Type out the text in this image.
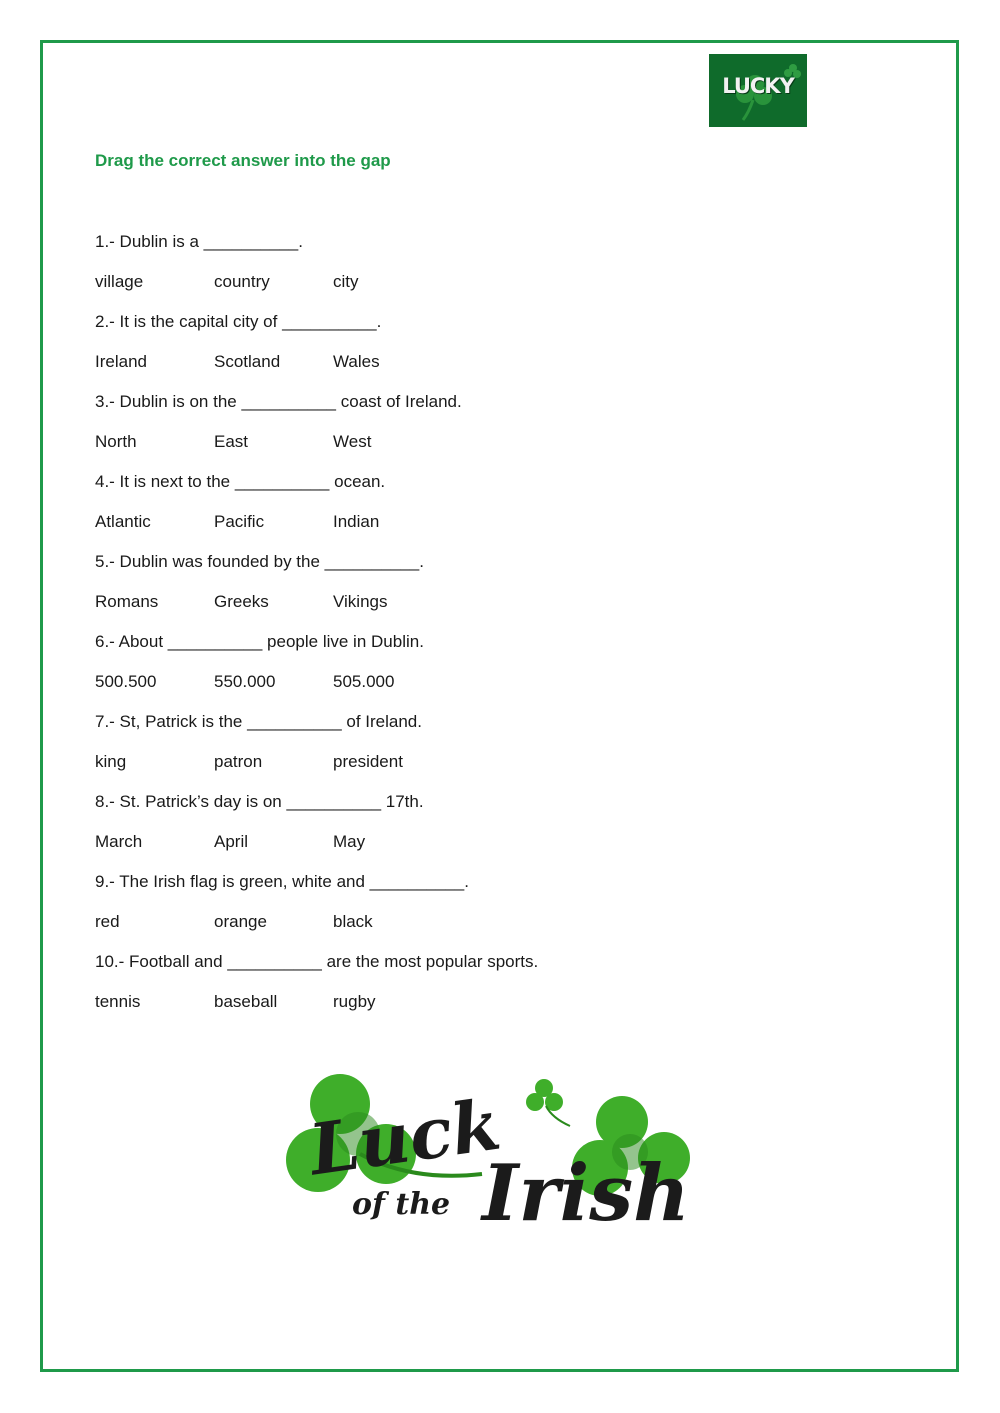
LUCKY

Drag the correct answer into the gap

1.- Dublin is a __________.
village	country	city
2.- It is the capital city of __________.
Ireland	Scotland	Wales
3.- Dublin is on the __________ coast of Ireland.
North	East	West
4.- It is next to the __________ ocean.
Atlantic	Pacific	Indian
5.- Dublin was founded by the __________.
Romans	Greeks	Vikings
6.- About __________ people live in Dublin.
500.500	550.000	505.000
7.- St, Patrick is the __________ of Ireland.
king	patron	president
8.- St. Patrick’s day is on __________ 17th.
March	April	May
9.- The Irish flag is green, white and __________.
red	orange	black
10.- Football and __________ are the most popular sports.
tennis	baseball	rugby
Luck
of the Irish
